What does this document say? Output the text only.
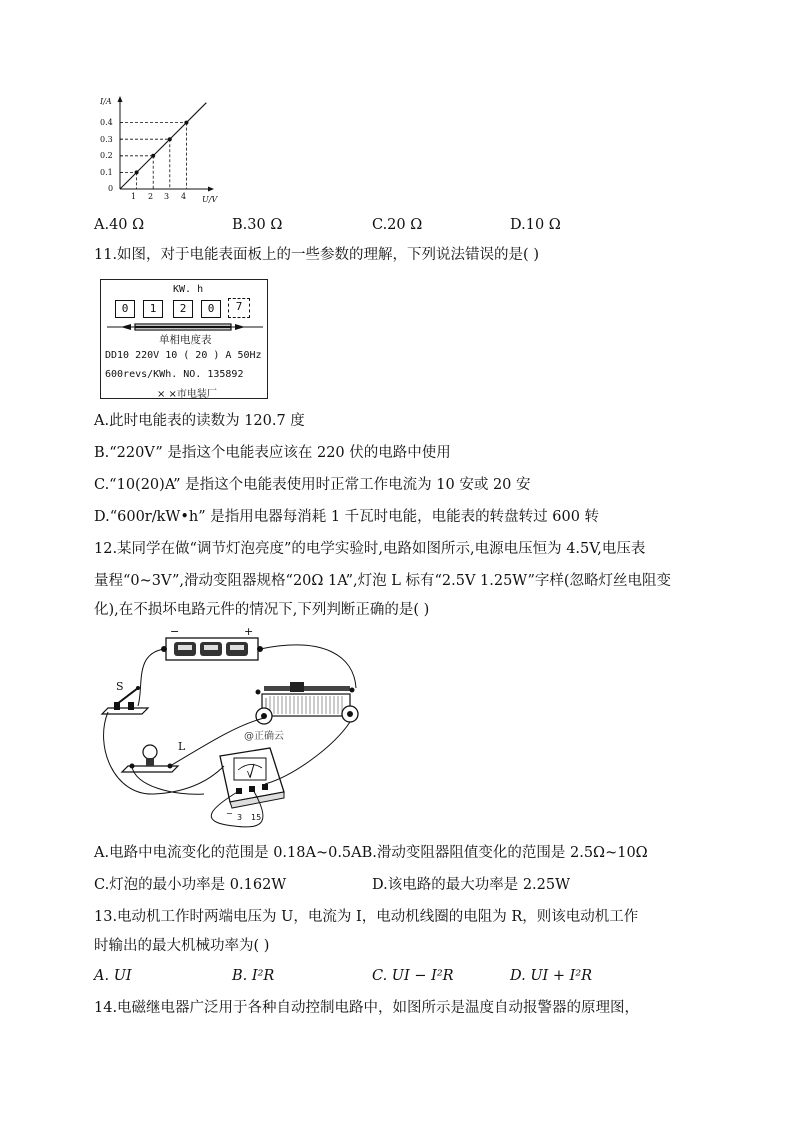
I/A
U/V
0.4
0.3
0.2
0.1
0
1 2 3 4
A.40 Ω	B.30 Ω	C.20 Ω	D.10 Ω
11.如图，对于电能表面板上的一些参数的理解，下列说法错误的是( )
KW. h
0	1	2	0	7
单相电度表
DD10 220V 10 ( 20 ) A 50Hz
600revs/KWh. NO. 135892
× ×市电装厂
A.此时电能表的读数为 120.7 度
B.“220V” 是指这个电能表应该在 220 伏的电路中使用
C.“10(20)A” 是指这个电能表使用时正常工作电流为 10 安或 20 安
D.“600r/kW•h” 是指用电器每消耗 1 千瓦时电能，电能表的转盘转过 600 转
12.某同学在做“调节灯泡亮度”的电学实验时,电路如图所示,电源电压恒为 4.5V,电压表
量程“0~3V”,滑动变阻器规格“20Ω 1A”,灯泡 L 标有“2.5V 1.25W”字样(忽略灯丝电阻变
化),在不损坏电路元件的情况下,下列判断正确的是( )
−	+
S
@正确云
L
V
− 3 15
A.电路中电流变化的范围是 0.18A~0.5AB.滑动变阻器阻值变化的范围是 2.5Ω~10Ω
C.灯泡的最小功率是 0.162W	D.该电路的最大功率是 2.25W
13.电动机工作时两端电压为 U，电流为 I，电动机线圈的电阻为 R，则该电动机工作
时输出的最大机械功率为( )
A. UI	B. I²R	C. UI − I²R	D. UI + I²R
14.电磁继电器广泛用于各种自动控制电路中，如图所示是温度自动报警器的原理图，
